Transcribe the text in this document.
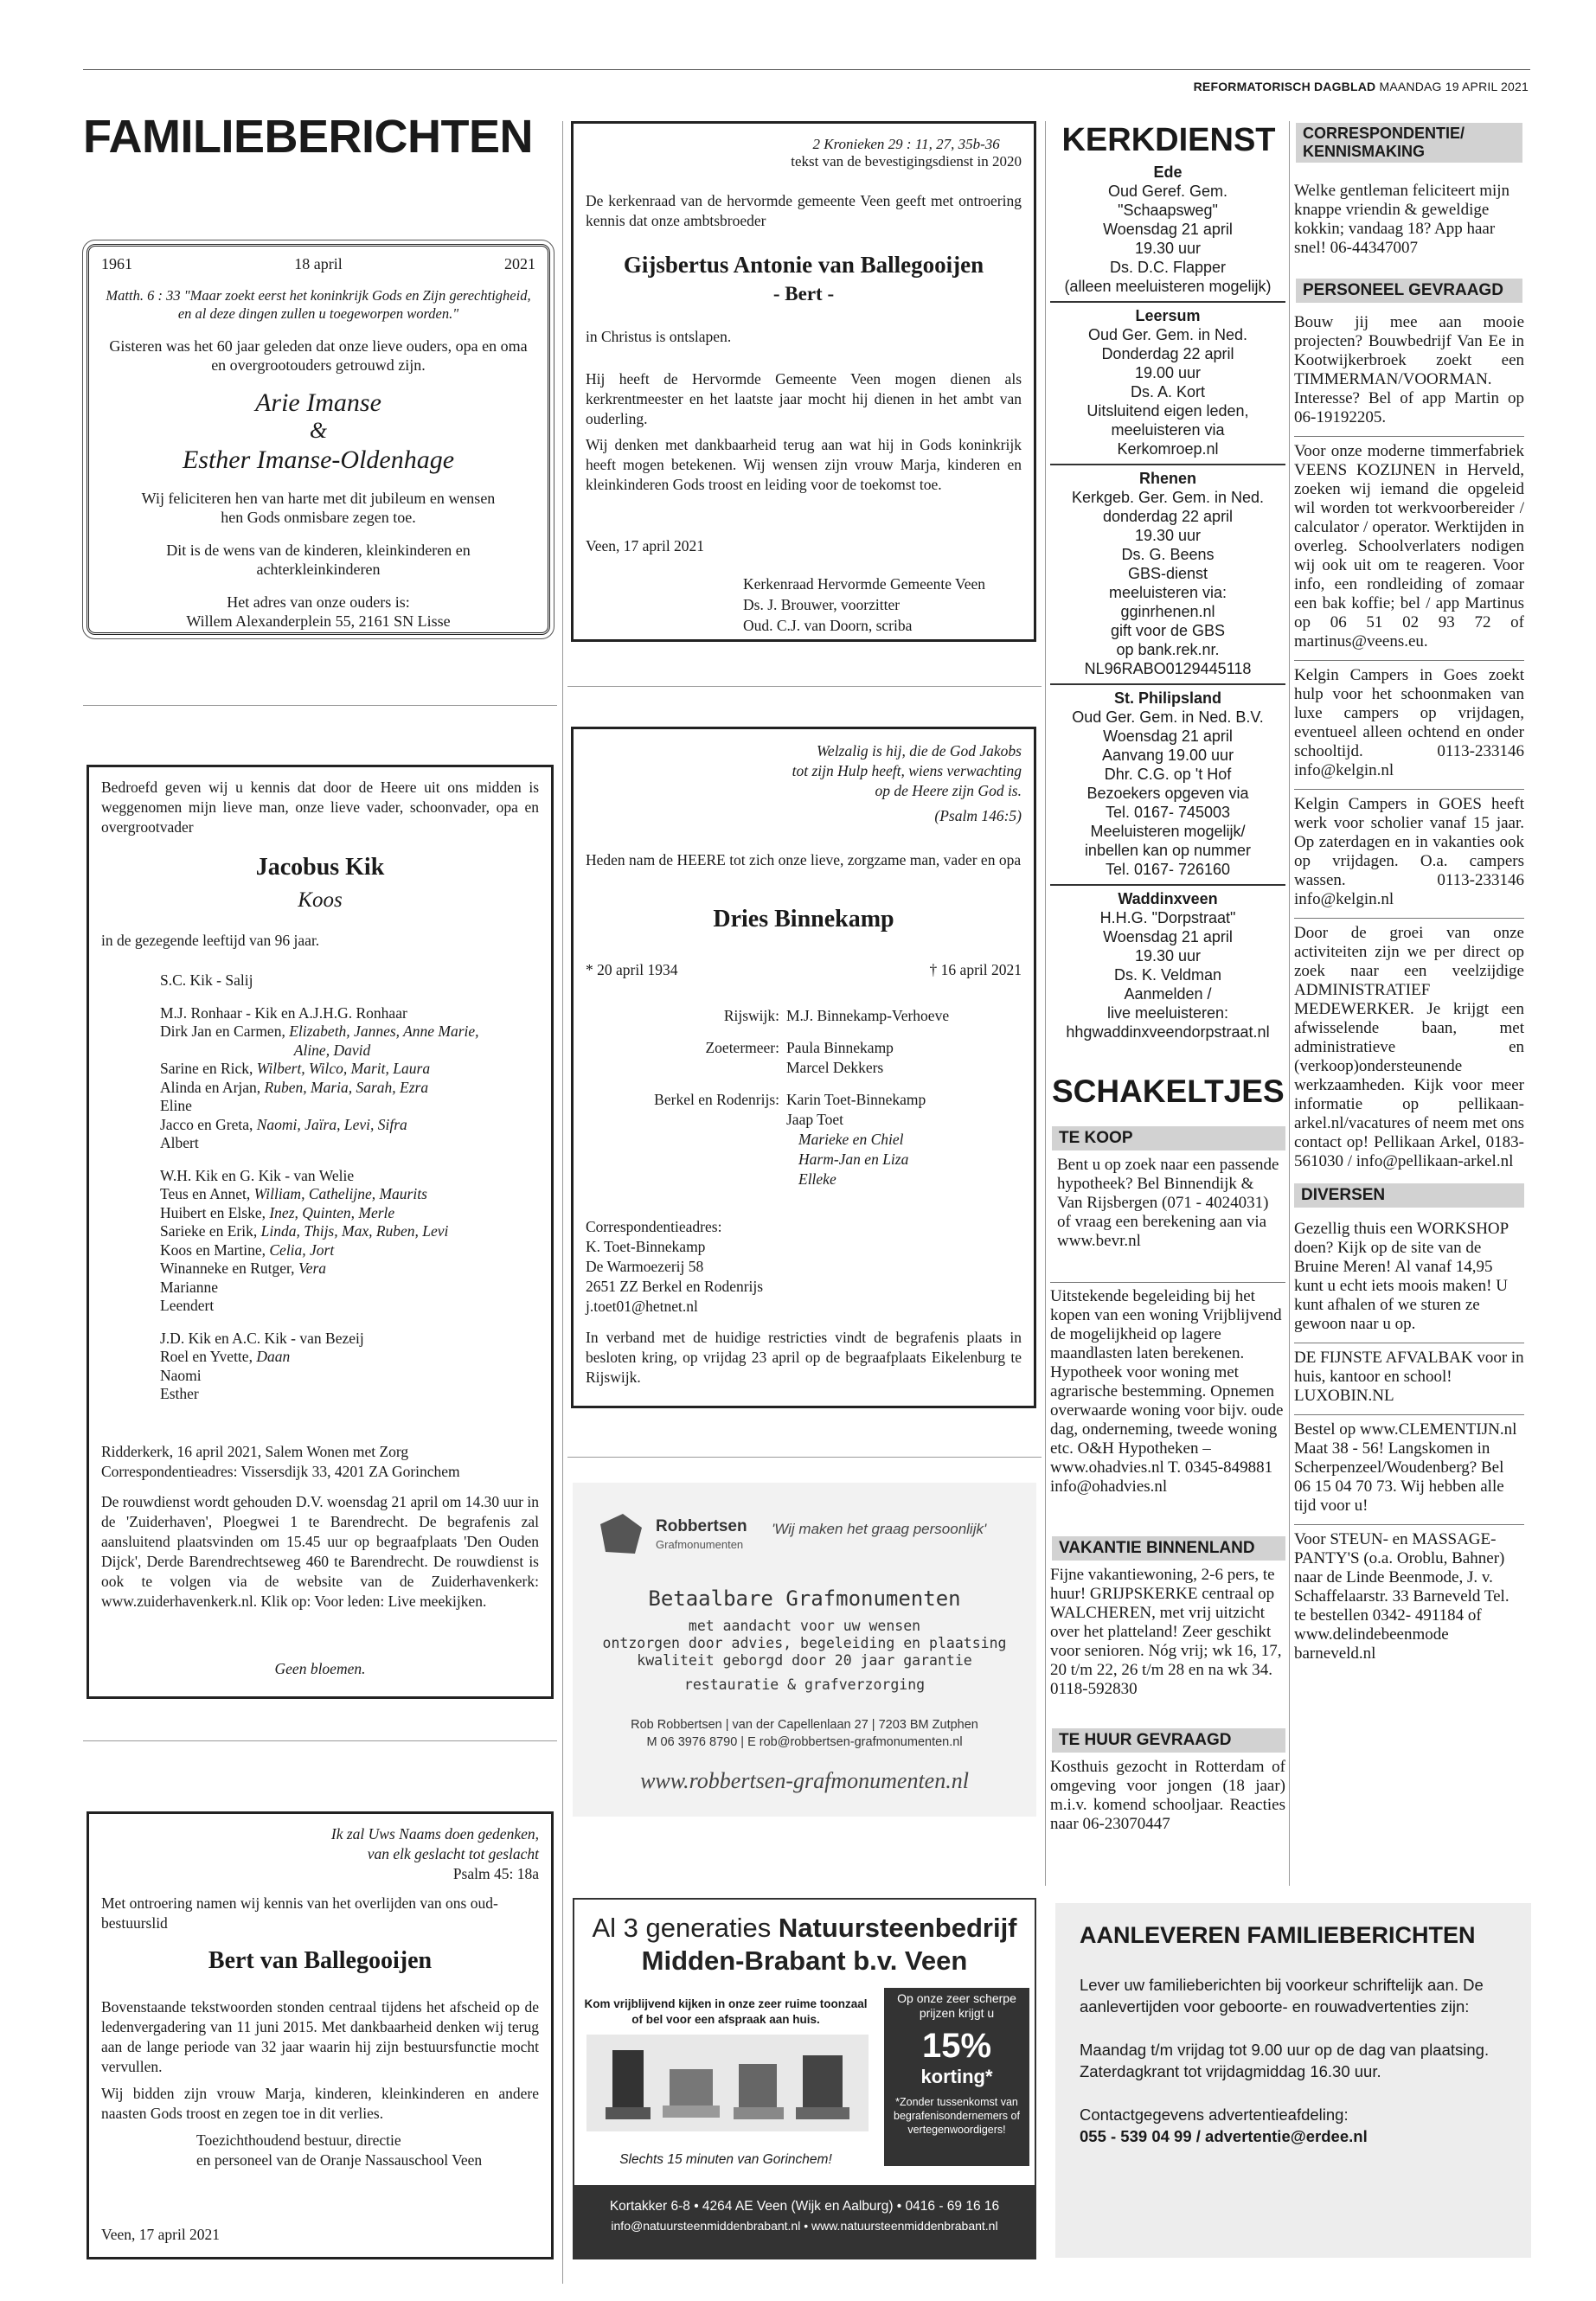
REFORMATORISCH DAGBLAD MAANDAG 19 APRIL 2021
FAMILIEBERICHTEN
1961	18 april	2021
Matth. 6 : 33 "Maar zoekt eerst het koninkrijk Gods en Zijn gerechtigheid, en al deze dingen zullen u toegeworpen worden."
Gisteren was het 60 jaar geleden dat onze lieve ouders, opa en oma en overgrootouders getrouwd zijn.
Arie Imanse
&
Esther Imanse-Oldenhage
Wij feliciteren hen van harte met dit jubileum en wensen hen Gods onmisbare zegen toe.
Dit is de wens van de kinderen, kleinkinderen en achterkleinkinderen
Het adres van onze ouders is:
Willem Alexanderplein 55, 2161 SN Lisse
2 Kronieken 29 : 11, 27, 35b-36
tekst van de bevestigingsdienst in 2020
De kerkenraad van de hervormde gemeente Veen geeft met ontroering kennis dat onze ambtsbroeder
Gijsbertus Antonie van Ballegooijen
- Bert -
in Christus is ontslapen.
Hij heeft de Hervormde Gemeente Veen mogen dienen als kerkrentmeester en het laatste jaar mocht hij dienen in het ambt van ouderling.
Wij denken met dankbaarheid terug aan wat hij in Gods koninkrijk heeft mogen betekenen. Wij wensen zijn vrouw Marja, kinderen en kleinkinderen Gods troost en leiding voor de toekomst toe.
Veen, 17 april 2021
Kerkenraad Hervormde Gemeente Veen
Ds. J. Brouwer, voorzitter
Oud. C.J. van Doorn, scriba
Bedroefd geven wij u kennis dat door de Heere uit ons midden is weggenomen mijn lieve man, onze lieve vader, schoonvader, opa en overgrootvader
Jacobus Kik
Koos
in de gezegende leeftijd van 96 jaar.
S.C. Kik - Salij
M.J. Ronhaar - Kik en A.J.H.G. Ronhaar
Dirk Jan en Carmen, Elizabeth, Jannes, Anne Marie,
Aline, David
Sarine en Rick, Wilbert, Wilco, Marit, Laura
Alinda en Arjan, Ruben, Maria, Sarah, Ezra
Eline
Jacco en Greta, Naomi, Jaïra, Levi, Sifra
Albert
W.H. Kik en G. Kik - van Welie
Teus en Annet, William, Cathelijne, Maurits
Huibert en Elske, Inez, Quinten, Merle
Sarieke en Erik, Linda, Thijs, Max, Ruben, Levi
Koos en Martine, Celia, Jort
Winanneke en Rutger, Vera
Marianne
Leendert
J.D. Kik en A.C. Kik - van Bezeij
Roel en Yvette, Daan
Naomi
Esther
Ridderkerk, 16 april 2021, Salem Wonen met Zorg
Correspondentieadres: Vissersdijk 33, 4201 ZA Gorinchem
De rouwdienst wordt gehouden D.V. woensdag 21 april om 14.30 uur in de 'Zuiderhaven', Ploegwei 1 te Barendrecht. De begrafenis zal aansluitend plaatsvinden om 15.45 uur op begraafplaats 'Den Ouden Dijck', Derde Barendrechtseweg 460 te Barendrecht. De rouwdienst is ook te volgen via de website van de Zuiderhavenkerk: www.zuiderhavenkerk.nl. Klik op: Voor leden: Live meekijken.
Geen bloemen.
Welzalig is hij, die de God Jakobs
tot zijn Hulp heeft, wiens verwachting
op de Heere zijn God is.
(Psalm 146:5)
Heden nam de HEERE tot zich onze lieve, zorgzame man, vader en opa
Dries Binnekamp
* 20 april 1934	† 16 april 2021
Rijswijk: M.J. Binnekamp-Verhoeve
Zoetermeer: Paula Binnekamp
Marcel Dekkers
Berkel en Rodenrijs: Karin Toet-Binnekamp
Jaap Toet
Marieke en Chiel
Harm-Jan en Liza
Elleke
Correspondentieadres:
K. Toet-Binnekamp
De Warmoezerij 58
2651 ZZ Berkel en Rodenrijs
j.toet01@hetnet.nl
In verband met de huidige restricties vindt de begrafenis plaats in besloten kring, op vrijdag 23 april op de begraafplaats Eikelenburg te Rijswijk.
Robbertsen
Grafmonumenten
'Wij maken het graag persoonlijk'
Betaalbare Grafmonumenten
met aandacht voor uw wensen
ontzorgen door advies, begeleiding en plaatsing
kwaliteit geborgd door 20 jaar garantie
restauratie & grafverzorging
Rob Robbertsen | van der Capellenlaan 27 | 7203 BM Zutphen
M 06 3976 8790 | E rob@robbertsen-grafmonumenten.nl
www.robbertsen-grafmonumenten.nl
Ik zal Uws Naams doen gedenken,
van elk geslacht tot geslacht
Psalm 45: 18a
Met ontroering namen wij kennis van het overlijden van ons oud-bestuurslid
Bert van Ballegooijen
Bovenstaande tekstwoorden stonden centraal tijdens het afscheid op de ledenvergadering van 11 juni 2015. Met dankbaarheid denken wij terug aan de lange periode van 32 jaar waarin hij zijn bestuursfunctie mocht vervullen.
Wij bidden zijn vrouw Marja, kinderen, kleinkinderen en andere naasten Gods troost en zegen toe in dit verlies.
Toezichthoudend bestuur, directie
en personeel van de Oranje Nassauschool Veen
Veen, 17 april 2021
Al 3 generaties Natuursteenbedrijf
Midden-Brabant b.v. Veen
Kom vrijblijvend kijken in onze zeer ruime toonzaal of bel voor een afspraak aan huis.
Op onze zeer scherpe prijzen krijgt u
15%
korting*
*Zonder tussenkomst van begrafenisondernemers of vertegenwoordigers!
Slechts 15 minuten van Gorinchem!
Kortakker 6-8 • 4264 AE Veen (Wijk en Aalburg) • 0416 - 69 16 16
info@natuursteenmiddenbrabant.nl • www.natuursteenmiddenbrabant.nl
KERKDIENST
Ede
Oud Geref. Gem.
"Schaapsweg"
Woensdag 21 april
19.30 uur
Ds. D.C. Flapper
(alleen meeluisteren mogelijk)
Leersum
Oud Ger. Gem. in Ned.
Donderdag 22 april
19.00 uur
Ds. A. Kort
Uitsluitend eigen leden,
meeluisteren via
Kerkomroep.nl
Rhenen
Kerkgeb. Ger. Gem. in Ned.
donderdag 22 april
19.30 uur
Ds. G. Beens
GBS-dienst
meeluisteren via:
gginrhenen.nl
gift voor de GBS
op bank.rek.nr.
NL96RABO0129445118
St. Philipsland
Oud Ger. Gem. in Ned. B.V.
Woensdag 21 april
Aanvang 19.00 uur
Dhr. C.G. op 't Hof
Bezoekers opgeven via
Tel. 0167- 745003
Meeluisteren mogelijk/
inbellen kan op nummer
Tel. 0167- 726160
Waddinxveen
H.H.G. "Dorpstraat"
Woensdag 21 april
19.30 uur
Ds. K. Veldman
Aanmelden /
live meeluisteren:
hhgwaddinxveendorpstraat.nl
SCHAKELTJES
TE KOOP
Bent u op zoek naar een passende hypotheek? Bel Binnendijk & Van Rijsbergen (071 - 4024031) of vraag een berekening aan via www.bevr.nl
Uitstekende begeleiding bij het kopen van een woning Vrijblijvend de mogelijkheid op lagere maandlasten laten berekenen. Hypotheek voor woning met agrarische bestemming. Opnemen overwaarde woning voor bijv. oude dag, onderneming, tweede woning etc. O&H Hypotheken – www.ohadvies.nl T. 0345-849881 info@ohadvies.nl
VAKANTIE BINNENLAND
Fijne vakantiewoning, 2-6 pers, te huur! GRIJPSKERKE centraal op WALCHEREN, met vrij uitzicht over het platteland! Zeer geschikt voor senioren. Nóg vrij; wk 16, 17, 20 t/m 22, 26 t/m 28 en na wk 34. 0118-592830
TE HUUR GEVRAAGD
Kosthuis gezocht in Rotterdam of omgeving voor jongen (18 jaar) m.i.v. komend schooljaar. Reacties naar 06-23070447
CORRESPONDENTIE/ KENNISMAKING
Welke gentleman feliciteert mijn knappe vriendin & geweldige kokkin; vandaag 18? App haar snel! 06-44347007
PERSONEEL GEVRAAGD
Bouw jij mee aan mooie projecten? Bouwbedrijf Van Ee in Kootwijkerbroek zoekt een TIMMERMAN/VOORMAN. Interesse? Bel of app Martin op 06-19192205.
Voor onze moderne timmerfabriek VEENS KOZIJNEN in Herveld, zoeken wij iemand die opgeleid wil worden tot werkvoorbereider / calculator / operator. Werktijden in overleg. Schoolverlaters nodigen wij ook uit om te reageren. Voor info, een rondleiding of zomaar een bak koffie; bel / app Martinus op 06 51 02 93 72 of martinus@veens.eu.
Kelgin Campers in Goes zoekt hulp voor het schoonmaken van luxe campers op vrijdagen, eventueel alleen ochtend en onder schooltijd. 0113-233146 info@kelgin.nl
Kelgin Campers in GOES heeft werk voor scholier vanaf 15 jaar. Op zaterdagen en in vakanties ook op vrijdagen. O.a. campers wassen. 0113-233146 info@kelgin.nl
Door de groei van onze activiteiten zijn we per direct op zoek naar een veelzijdige ADMINISTRATIEF MEDEWERKER. Je krijgt een afwisselende baan, met administratieve en (verkoop)ondersteunende werkzaamheden. Kijk voor meer informatie op pellikaan-arkel.nl/vacatures of neem met ons contact op! Pellikaan Arkel, 0183-561030 / info@pellikaan-arkel.nl
DIVERSEN
Gezellig thuis een WORKSHOP doen? Kijk op de site van de Bruine Meren! Al vanaf 14,95 kunt u echt iets moois maken! U kunt afhalen of we sturen ze gewoon naar u op.
DE FIJNSTE AFVALBAK voor in huis, kantoor en school! LUXOBIN.NL
Bestel op www.CLEMENTIJN.nl Maat 38 - 56! Langskomen in Scherpenzeel/Woudenberg? Bel 06 15 04 70 73. Wij hebben alle tijd voor u!
Voor STEUN- en MASSAGE-PANTY'S (o.a. Oroblu, Bahner) naar de Linde Beenmode, J. v. Schaffelaarstr. 33 Barneveld Tel. te bestellen 0342- 491184 of www.delindebeenmode barneveld.nl
AANLEVEREN FAMILIEBERICHTEN
Lever uw familieberichten bij voorkeur schriftelijk aan. De aanlevertijden voor geboorte- en rouwadvertenties zijn:
Maandag t/m vrijdag tot 9.00 uur op de dag van plaatsing.
Zaterdagkrant tot vrijdagmiddag 16.30 uur.
Contactgegevens advertentieafdeling:
055 - 539 04 99 / advertentie@erdee.nl
